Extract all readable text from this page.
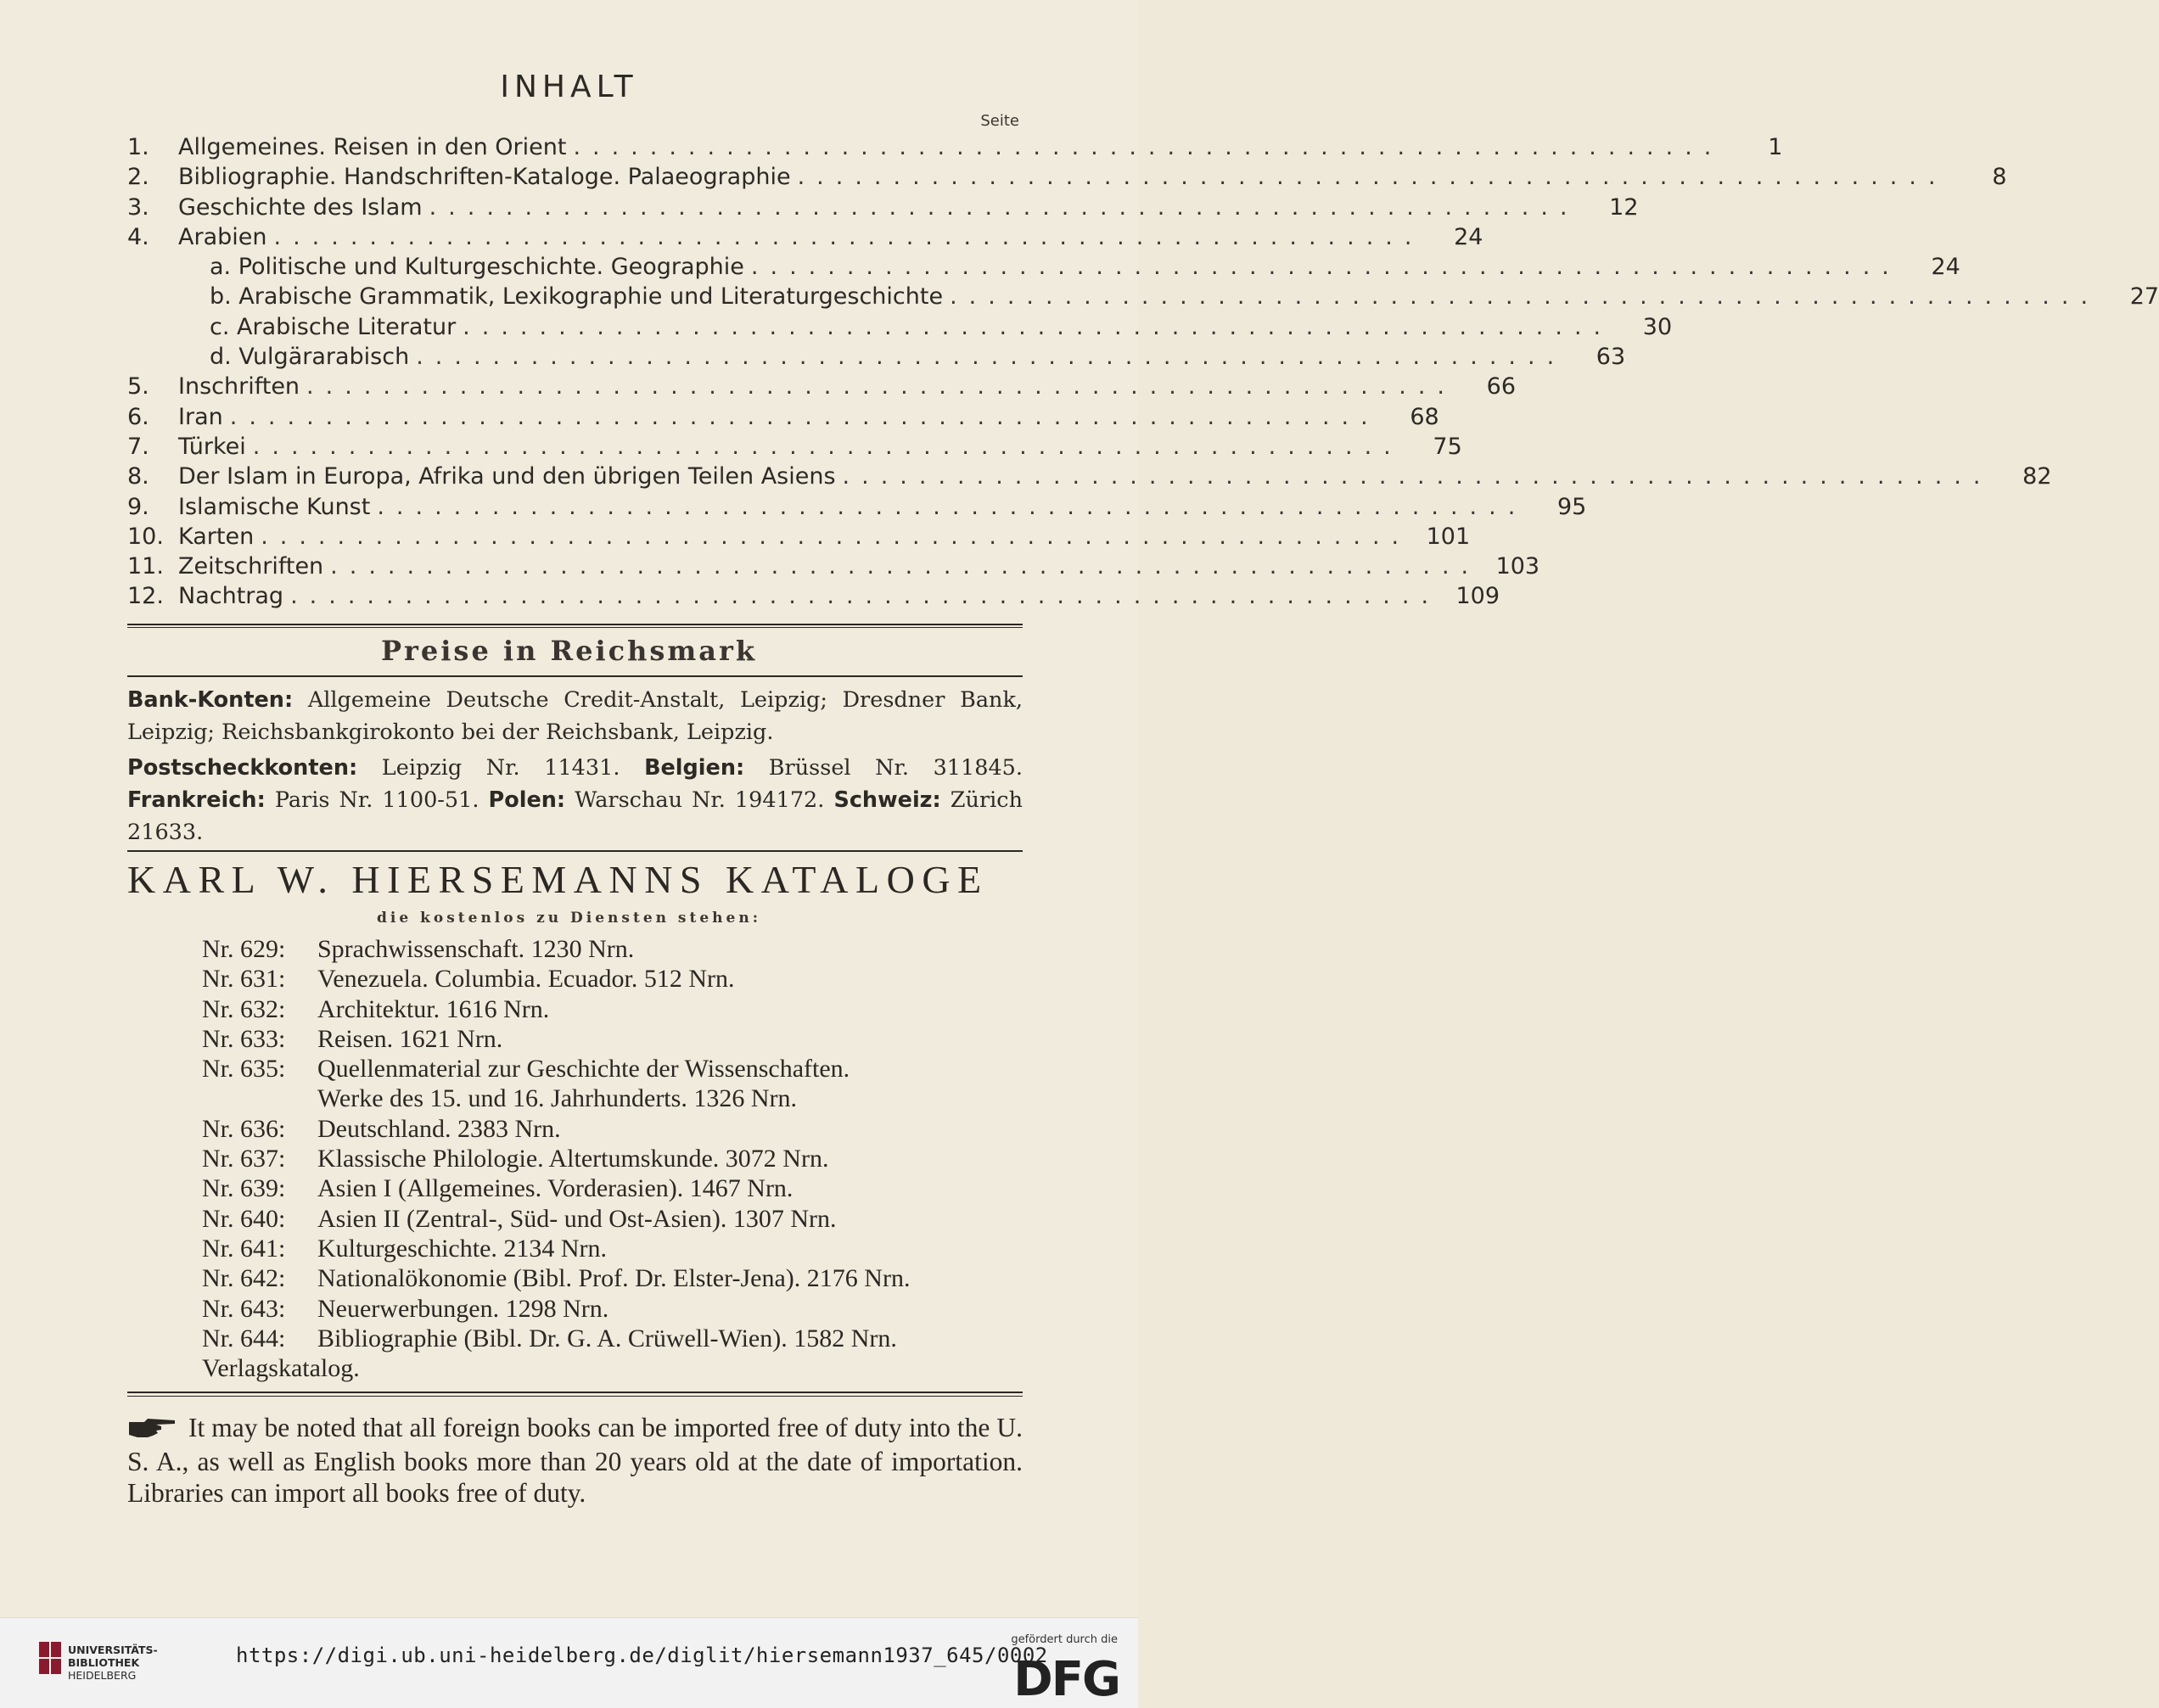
INHALT
Seite
1.	Allgemeines. Reisen in den Orient ............................................................	1
2.	Bibliographie. Handschriften-Kataloge. Palaeographie ............................................................	8
3.	Geschichte des Islam ............................................................	12
4.	Arabien ............................................................	24
a. Politische und Kulturgeschichte. Geographie ............................................................	24
b. Arabische Grammatik, Lexikographie und Literaturgeschichte ............................................................	27
c. Arabische Literatur ............................................................	30
d. Vulgärarabisch ............................................................	63
5.	Inschriften ............................................................	66
6.	Iran ............................................................	68
7.	Türkei ............................................................	75
8.	Der Islam in Europa, Afrika und den übrigen Teilen Asiens ............................................................	82
9.	Islamische Kunst ............................................................	95
10. Karten ............................................................ 101
11. Zeitschriften ............................................................ 103
12. Nachtrag ............................................................ 109
Preise in Reichsmark
Bank-Konten: Allgemeine Deutsche Credit-Anstalt, Leipzig; Dresdner Bank, Leipzig; Reichsbankgirokonto bei der Reichsbank, Leipzig.
Postscheckkonten: Leipzig Nr. 11431. Belgien: Brüssel Nr. 311845. Frankreich: Paris Nr. 1100-51. Polen: Warschau Nr. 194172. Schweiz: Zürich 21633.
KARL W. HIERSEMANNS KATALOGE
die kostenlos zu Diensten stehen:
Nr. 629:	Sprachwissenschaft. 1230 Nrn.
Nr. 631:	Venezuela. Columbia. Ecuador. 512 Nrn.
Nr. 632:	Architektur. 1616 Nrn.
Nr. 633:	Reisen. 1621 Nrn.
Nr. 635:	Quellenmaterial zur Geschichte der Wissenschaften.
Werke des 15. und 16. Jahrhunderts. 1326 Nrn.
Nr. 636:	Deutschland. 2383 Nrn.
Nr. 637:	Klassische Philologie. Altertumskunde. 3072 Nrn.
Nr. 639:	Asien I (Allgemeines. Vorderasien). 1467 Nrn.
Nr. 640:	Asien II (Zentral-, Süd- und Ost-Asien). 1307 Nrn.
Nr. 641:	Kulturgeschichte. 2134 Nrn.
Nr. 642:	Nationalökonomie (Bibl. Prof. Dr. Elster-Jena). 2176 Nrn.
Nr. 643:	Neuerwerbungen. 1298 Nrn.
Nr. 644:	Bibliographie (Bibl. Dr. G. A. Crüwell-Wien). 1582 Nrn.
Verlagskatalog.
It may be noted that all foreign books can be imported free of duty into the U. S. A., as well as English books more than 20 years old at the date of importation. Libraries can import all books free of duty.
UNIVERSITÄTS-
BIBLIOTHEK
HEIDELBERG
https://digi.ub.uni-heidelberg.de/diglit/hiersemann1937_645/0002
gefördert durch die
DFG
